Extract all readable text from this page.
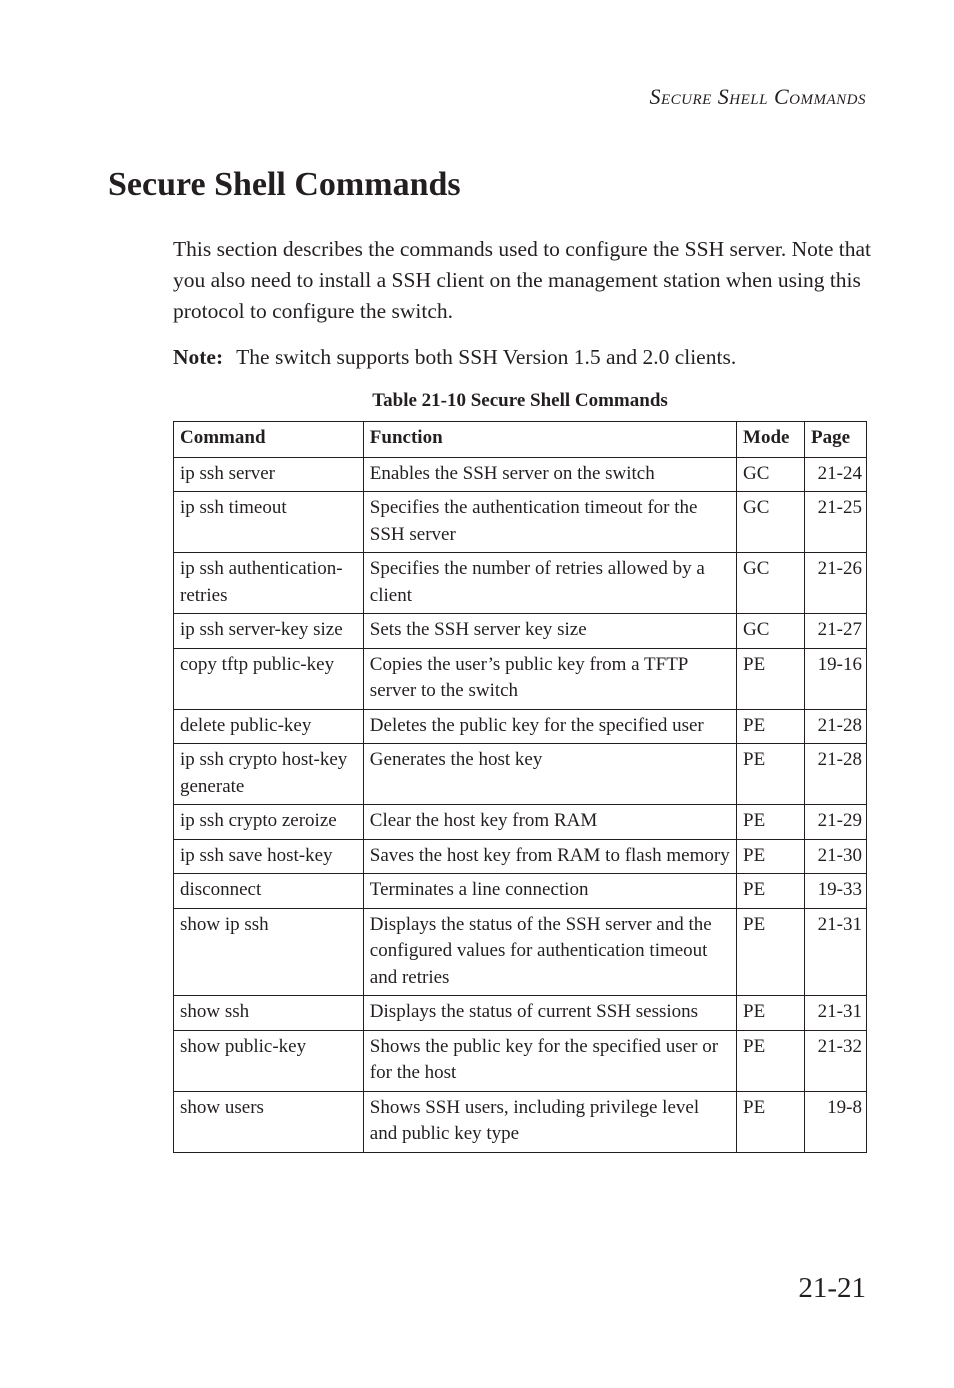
Secure Shell Commands
Secure Shell Commands

This section describes the commands used to configure the SSH server. Note that you also need to install a SSH client on the management station when using this protocol to configure the switch.

Note: The switch supports both SSH Version 1.5 and 2.0 clients.

Table 21-10 Secure Shell Commands
Command	Function	Mode	Page
ip ssh server	Enables the SSH server on the switch	GC	21-24
ip ssh timeout	Specifies the authentication timeout for the SSH server	GC	21-25
ip ssh authentication-retries	Specifies the number of retries allowed by a client	GC	21-26
ip ssh server-key size	Sets the SSH server key size	GC	21-27
copy tftp public-key	Copies the user’s public key from a TFTP server to the switch	PE	19-16
delete public-key	Deletes the public key for the specified user	PE	21-28
ip ssh crypto host-key generate	Generates the host key	PE	21-28
ip ssh crypto zeroize	Clear the host key from RAM	PE	21-29
ip ssh save host-key	Saves the host key from RAM to flash memory	PE	21-30
disconnect	Terminates a line connection	PE	19-33
show ip ssh	Displays the status of the SSH server and the configured values for authentication timeout and retries	PE	21-31
show ssh	Displays the status of current SSH sessions	PE	21-31
show public-key	Shows the public key for the specified user or for the host	PE	21-32
show users	Shows SSH users, including privilege level and public key type	PE	19-8
21-21
